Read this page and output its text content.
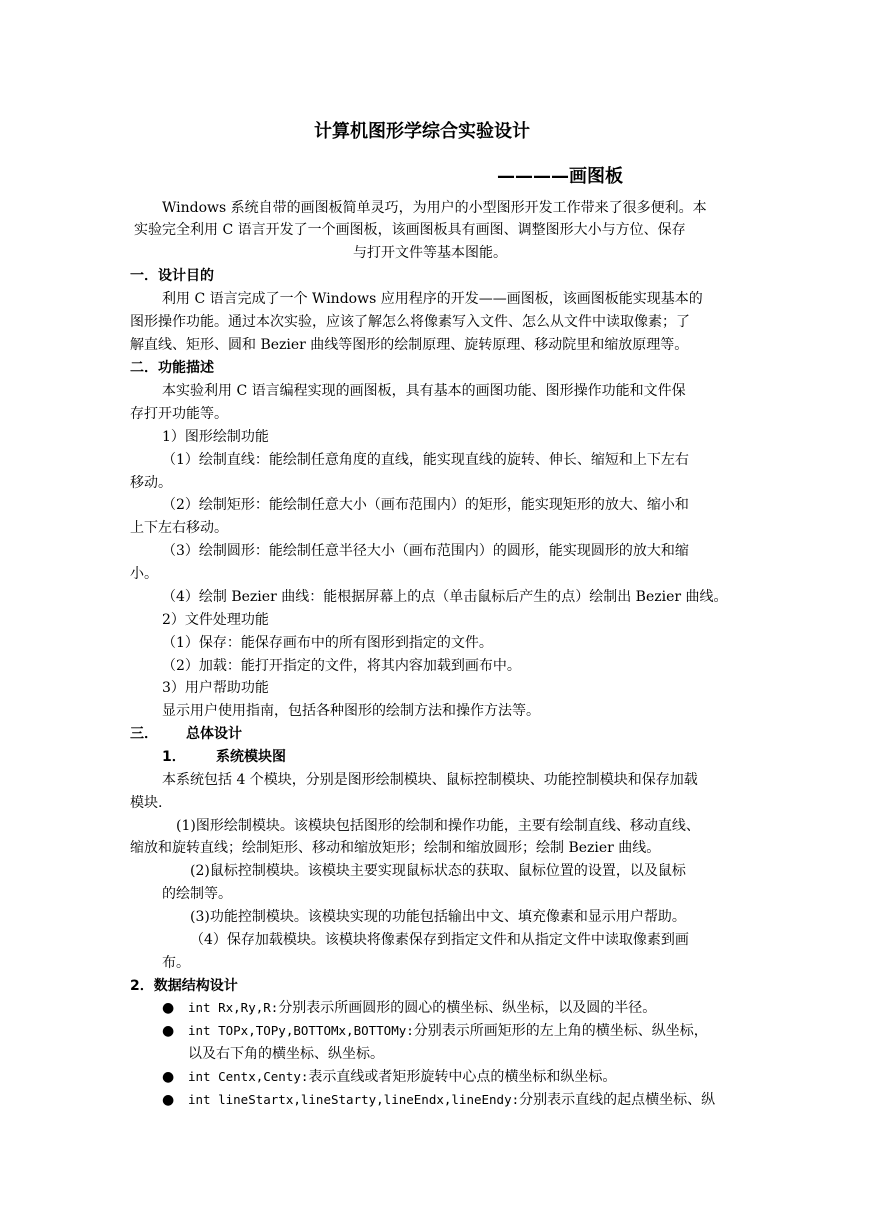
计算机图形学综合实验设计
————画图板
Windows 系统自带的画图板简单灵巧，为用户的小型图形开发工作带来了很多便利。本
实验完全利用 C 语言开发了一个画图板，该画图板具有画图、调整图形大小与方位、保存
与打开文件等基本图能。
一．设计目的
利用 C 语言完成了一个 Windows 应用程序的开发——画图板，该画图板能实现基本的
图形操作功能。通过本次实验，应该了解怎么将像素写入文件、怎么从文件中读取像素；了
解直线、矩形、圆和 Bezier 曲线等图形的绘制原理、旋转原理、移动院里和缩放原理等。
二．功能描述
本实验利用 C 语言编程实现的画图板，具有基本的画图功能、图形操作功能和文件保
存打开功能等。
1）图形绘制功能
（1）绘制直线：能绘制任意角度的直线，能实现直线的旋转、伸长、缩短和上下左右
移动。
（2）绘制矩形：能绘制任意大小（画布范围内）的矩形，能实现矩形的放大、缩小和
上下左右移动。
（3）绘制圆形：能绘制任意半径大小（画布范围内）的圆形，能实现圆形的放大和缩
小。
（4）绘制 Bezier 曲线：能根据屏幕上的点（单击鼠标后产生的点）绘制出 Bezier 曲线。
2）文件处理功能
（1）保存：能保存画布中的所有图形到指定的文件。
（2）加载：能打开指定的文件，将其内容加载到画布中。
3）用户帮助功能
显示用户使用指南，包括各种图形的绘制方法和操作方法等。
三． 总体设计
1． 系统模块图
本系统包括 4 个模块，分别是图形绘制模块、鼠标控制模块、功能控制模块和保存加载
模块.
(1)图形绘制模块。该模块包括图形的绘制和操作功能，主要有绘制直线、移动直线、
缩放和旋转直线；绘制矩形、移动和缩放矩形；绘制和缩放圆形；绘制 Bezier 曲线。
(2)鼠标控制模块。该模块主要实现鼠标状态的获取、鼠标位置的设置，以及鼠标
的绘制等。
(3)功能控制模块。该模块实现的功能包括输出中文、填充像素和显示用户帮助。
（4）保存加载模块。该模块将像素保存到指定文件和从指定文件中读取像素到画
布。
2．数据结构设计
● int Rx,Ry,R:分别表示所画圆形的圆心的横坐标、纵坐标，以及圆的半径。
● int TOPx,TOPy,BOTTOMx,BOTTOMy:分别表示所画矩形的左上角的横坐标、纵坐标，
以及右下角的横坐标、纵坐标。
● int Centx,Centy:表示直线或者矩形旋转中心点的横坐标和纵坐标。
● int lineStartx,lineStarty,lineEndx,lineEndy:分别表示直线的起点横坐标、纵
